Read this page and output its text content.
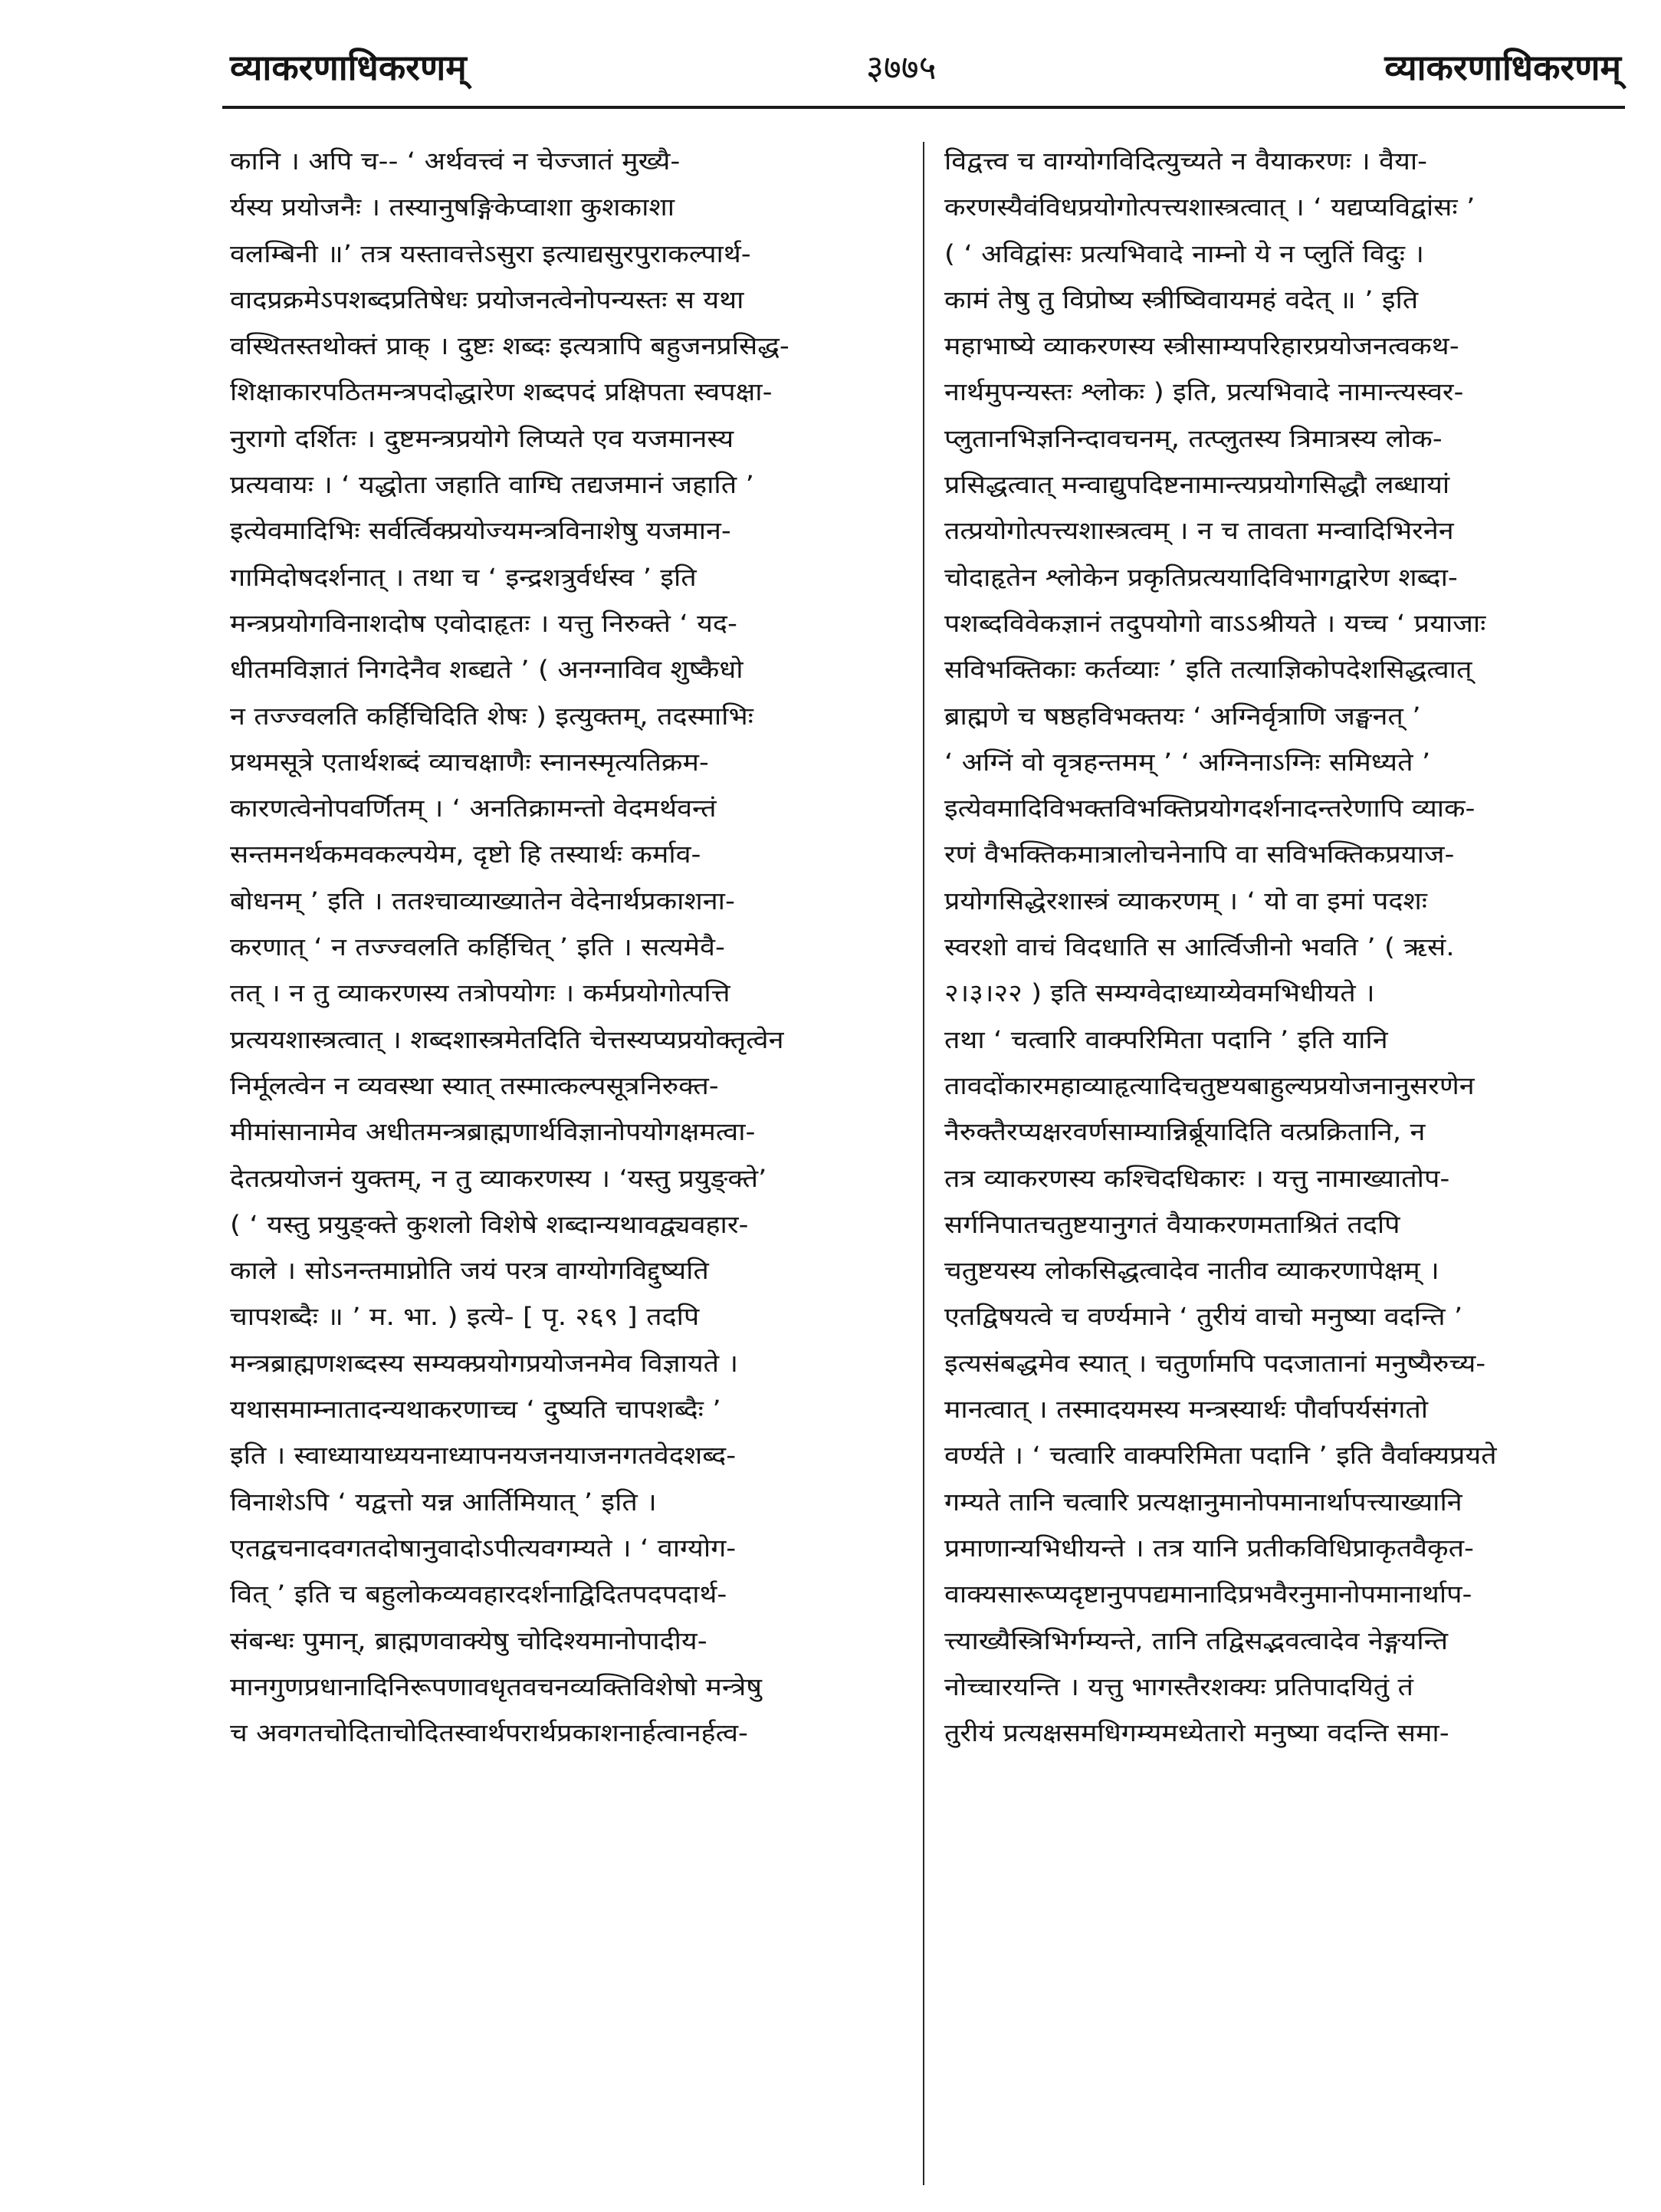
व्याकरणाधिकरणम्	३७७५	व्याकरणाधिकरणम्
कानि । अपि च-- ‘ अर्थवत्त्वं न चेज्जातं मुख्यै-
र्यस्य प्रयोजनैः । तस्यानुषङ्गिकेप्वाशा कुशकाशा
वलम्बिनी ॥’ तत्र यस्तावत्तेऽसुरा इत्याद्यसुरपुराकल्पार्थ-
वादप्रक्रमेऽपशब्दप्रतिषेधः प्रयोजनत्वेनोपन्यस्तः स यथा
वस्थितस्तथोक्तं प्राक् । दुष्टः शब्दः इत्यत्रापि बहुजनप्रसिद्ध-
शिक्षाकारपठितमन्त्रपदोद्धारेण शब्दपदं प्रक्षिपता स्वपक्षा-
नुरागो दर्शितः । दुष्टमन्त्रप्रयोगे लिप्यते एव यजमानस्य
प्रत्यवायः । ‘ यद्धोता जहाति वाग्घि तद्यजमानं जहाति ’
इत्येवमादिभिः सर्वर्त्विक्प्रयोज्यमन्त्रविनाशेषु यजमान-
गामिदोषदर्शनात् । तथा च ‘ इन्द्रशत्रुर्वर्धस्व ’ इति
मन्त्रप्रयोगविनाशदोष एवोदाहृतः । यत्तु निरुक्ते ‘ यद-
धीतमविज्ञातं निगदेनैव शब्द्यते ’ ( अनग्नाविव शुष्कैधो
न तज्ज्वलति कर्हिचिदिति शेषः ) इत्युक्तम्, तदस्माभिः
प्रथमसूत्रे एतार्थशब्दं व्याचक्षाणैः स्नानस्मृत्यतिक्रम-
कारणत्वेनोपवर्णितम् । ‘ अनतिक्रामन्तो वेदमर्थवन्तं
सन्तमनर्थकमवकल्पयेम, दृष्टो हि तस्यार्थः कर्माव-
बोधनम् ’ इति । ततश्चाव्याख्यातेन वेदेनार्थप्रकाशना-
करणात् ‘ न तज्ज्वलति कर्हिचित् ’ इति । सत्यमेवै-
तत् । न तु व्याकरणस्य तत्रोपयोगः । कर्मप्रयोगोत्पत्ति
प्रत्ययशास्त्रत्वात् । शब्दशास्त्रमेतदिति चेत्तस्यप्यप्रयोक्तृत्वेन
निर्मूलत्वेन न व्यवस्था स्यात् तस्मात्कल्पसूत्रनिरुक्त-
मीमांसानामेव अधीतमन्त्रब्राह्मणार्थविज्ञानोपयोगक्षमत्वा-
देतत्प्रयोजनं युक्तम्, न तु व्याकरणस्य । ‘यस्तु प्रयुङ्क्ते’
( ‘ यस्तु प्रयुङ्क्ते कुशलो विशेषे शब्दान्यथावद्व्यवहार-
काले । सोऽनन्तमाप्नोति जयं परत्र वाग्योगविद्दुष्यति
चापशब्दैः ॥ ’ म. भा. ) इत्ये- [ पृ. २६९ ] तदपि
मन्त्रब्राह्मणशब्दस्य सम्यक्प्रयोगप्रयोजनमेव विज्ञायते ।
यथासमाम्नातादन्यथाकरणाच्च ‘ दुष्यति चापशब्दैः ’
इति । स्वाध्यायाध्ययनाध्यापनयजनयाजनगतवेदशब्द-
विनाशेऽपि ‘ यद्वत्तो यन्न आर्तिमियात् ’ इति ।
एतद्वचनादवगतदोषानुवादोऽपीत्यवगम्यते । ‘ वाग्योग-
वित् ’ इति च बहुलोकव्यवहारदर्शनाद्विदितपदपदार्थ-
संबन्धः पुमान्, ब्राह्मणवाक्येषु चोदिश्यमानोपादीय-
मानगुणप्रधानादिनिरूपणावधृतवचनव्यक्तिविशेषो मन्त्रेषु
च अवगतचोदिताचोदितस्वार्थपरार्थप्रकाशनार्हत्वानर्हत्व-
विद्वत्त्व च वाग्योगविदित्युच्यते न वैयाकरणः । वैया-
करणस्यैवंविधप्रयोगोत्पत्त्यशास्त्रत्वात् । ‘ यद्यप्यविद्वांसः ’
( ‘ अविद्वांसः प्रत्यभिवादे नाम्नो ये न प्लुतिं विदुः ।
कामं तेषु तु विप्रोष्य स्त्रीष्विवायमहं वदेत् ॥ ’ इति
महाभाष्ये व्याकरणस्य स्त्रीसाम्यपरिहारप्रयोजनत्वकथ-
नार्थमुपन्यस्तः श्लोकः ) इति, प्रत्यभिवादे नामान्त्यस्वर-
प्लुतानभिज्ञनिन्दावचनम्, तत्प्लुतस्य त्रिमात्रस्य लोक-
प्रसिद्धत्वात् मन्वाद्युपदिष्टनामान्त्यप्रयोगसिद्धौ लब्धायां
तत्प्रयोगोत्पत्त्यशास्त्रत्वम् । न च तावता मन्वादिभिरनेन
चोदाहृतेन श्लोकेन प्रकृतिप्रत्ययादिविभागद्वारेण शब्दा-
पशब्दविवेकज्ञानं तदुपयोगो वाऽऽश्रीयते । यच्च ‘ प्रयाजाः
सविभक्तिकाः कर्तव्याः ’ इति तत्याज्ञिकोपदेशसिद्धत्वात्
ब्राह्मणे च षष्ठहविभक्तयः ‘ अग्निर्वृत्राणि जङ्घनत् ’
‘ अग्निं वो वृत्रहन्तमम् ’ ‘ अग्निनाऽग्निः समिध्यते ’
इत्येवमादिविभक्तविभक्तिप्रयोगदर्शनादन्तरेणापि व्याक-
रणं वैभक्तिकमात्रालोचनेनापि वा सविभक्तिकप्रयाज-
प्रयोगसिद्धेरशास्त्रं व्याकरणम् । ‘ यो वा इमां पदशः
स्वरशो वाचं विदधाति स आर्त्विजीनो भवति ’ ( ऋसं.
२।३।२२ ) इति सम्यग्वेदाध्याय्येवमभिधीयते ।
तथा ‘ चत्वारि वाक्परिमिता पदानि ’ इति यानि
तावदोंकारमहाव्याहृत्यादिचतुष्टयबाहुल्यप्रयोजनानुसरणेन
नैरुक्तैरप्यक्षरवर्णसाम्यान्निर्ब्रूयादिति वत्प्रक्रितानि, न
तत्र व्याकरणस्य कश्चिदधिकारः । यत्तु नामाख्यातोप-
सर्गनिपातचतुष्टयानुगतं वैयाकरणमताश्रितं तदपि
चतुष्टयस्य लोकसिद्धत्वादेव नातीव व्याकरणापेक्षम् ।
एतद्विषयत्वे च वर्ण्यमाने ‘ तुरीयं वाचो मनुष्या वदन्ति ’
इत्यसंबद्धमेव स्यात् । चतुर्णामपि पदजातानां मनुष्यैरुच्य-
मानत्वात् । तस्मादयमस्य मन्त्रस्यार्थः पौर्वापर्यसंगतो
वर्ण्यते । ‘ चत्वारि वाक्परिमिता पदानि ’ इति वैर्वाक्यप्रयते
गम्यते तानि चत्वारि प्रत्यक्षानुमानोपमानार्थापत्त्याख्यानि
प्रमाणान्यभिधीयन्ते । तत्र यानि प्रतीकविधिप्राकृतवैकृत-
वाक्यसारूप्यदृष्टानुपपद्यमानादिप्रभवैरनुमानोपमानार्थाप-
त्त्याख्यैस्त्रिभिर्गम्यन्ते, तानि तद्विसद्भवत्वादेव नेङ्गयन्ति
नोच्चारयन्ति । यत्तु भागस्तैरशक्यः प्रतिपादयितुं तं
तुरीयं प्रत्यक्षसमधिगम्यमध्येतारो मनुष्या वदन्ति समा-
